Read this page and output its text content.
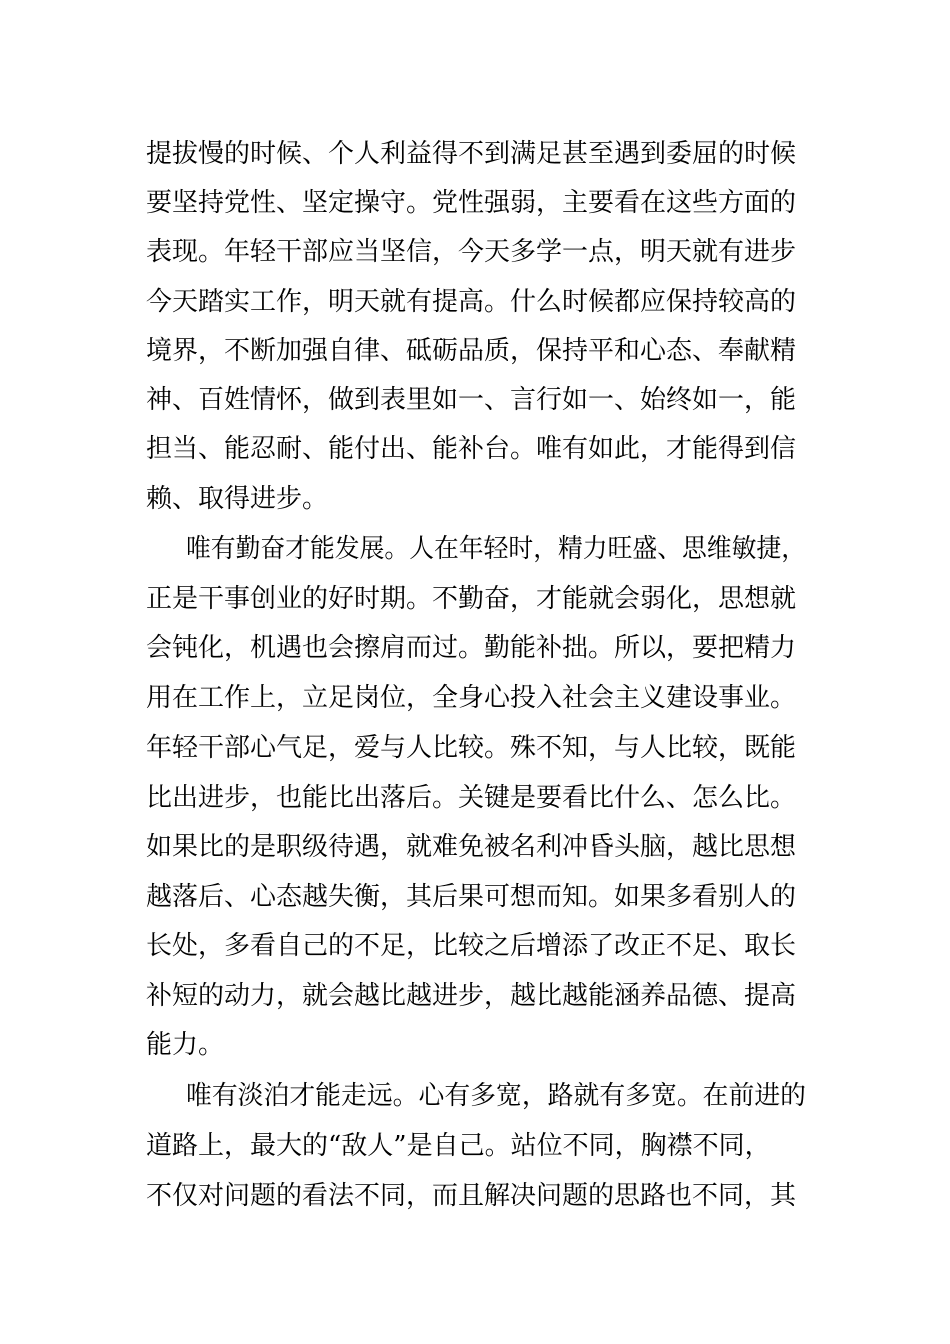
提拔慢的时候、个人利益得不到满足甚至遇到委屈的时候
要坚持党性、坚定操守。党性强弱，主要看在这些方面的
表现。年轻干部应当坚信，今天多学一点，明天就有进步
今天踏实工作，明天就有提高。什么时候都应保持较高的
境界，不断加强自律、砥砺品质，保持平和心态、奉献精
神、百姓情怀，做到表里如一、言行如一、始终如一，能
担当、能忍耐、能付出、能补台。唯有如此，才能得到信
赖、取得进步。
唯有勤奋才能发展。人在年轻时，精力旺盛、思维敏捷，
正是干事创业的好时期。不勤奋，才能就会弱化，思想就
会钝化，机遇也会擦肩而过。勤能补拙。所以，要把精力
用在工作上，立足岗位，全身心投入社会主义建设事业。
年轻干部心气足，爱与人比较。殊不知，与人比较，既能
比出进步，也能比出落后。关键是要看比什么、怎么比。
如果比的是职级待遇，就难免被名利冲昏头脑，越比思想
越落后、心态越失衡，其后果可想而知。如果多看别人的
长处，多看自己的不足，比较之后增添了改正不足、取长
补短的动力，就会越比越进步，越比越能涵养品德、提高
能力。
唯有淡泊才能走远。心有多宽，路就有多宽。在前进的
道路上，最大的“敌人”是自己。站位不同，胸襟不同，
不仅对问题的看法不同，而且解决问题的思路也不同，其
